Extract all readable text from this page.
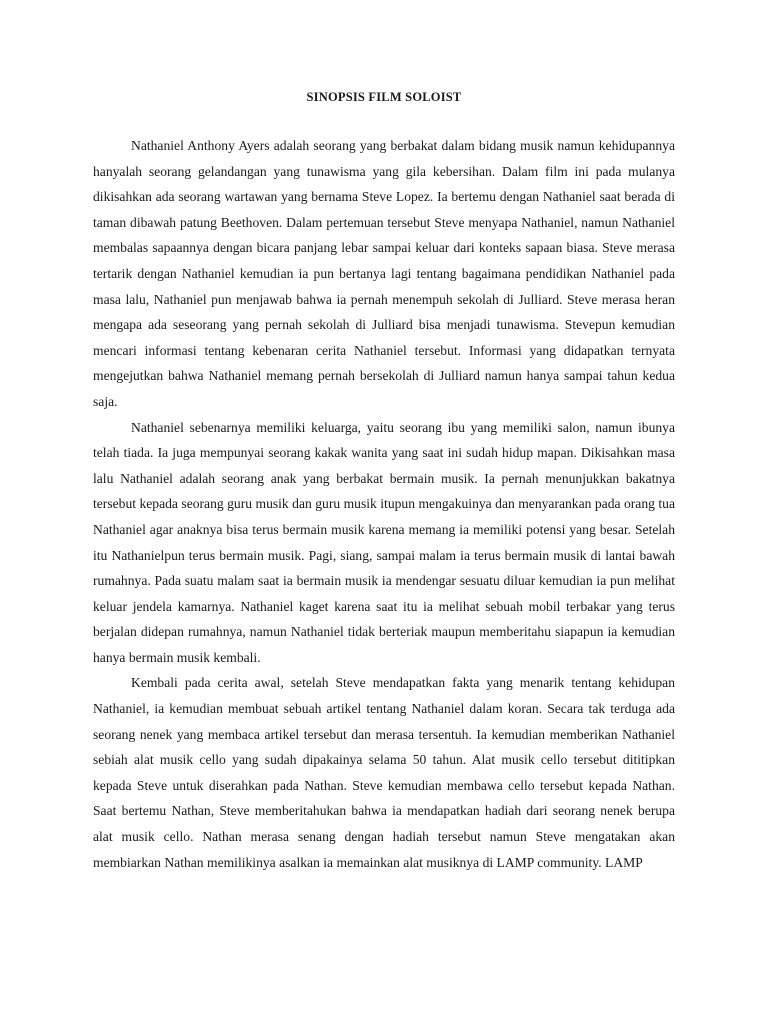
SINOPSIS FILM SOLOIST

Nathaniel Anthony Ayers adalah seorang yang berbakat dalam bidang musik namun kehidupannya hanyalah seorang gelandangan yang tunawisma yang gila kebersihan. Dalam film ini pada mulanya dikisahkan ada seorang wartawan yang bernama Steve Lopez. Ia bertemu dengan Nathaniel saat berada di taman dibawah patung Beethoven. Dalam pertemuan tersebut Steve menyapa Nathaniel, namun Nathaniel membalas sapaannya dengan bicara panjang lebar sampai keluar dari konteks sapaan biasa. Steve merasa tertarik dengan Nathaniel kemudian ia pun bertanya lagi tentang bagaimana pendidikan Nathaniel pada masa lalu, Nathaniel pun menjawab bahwa ia pernah menempuh sekolah di Julliard. Steve merasa heran mengapa ada seseorang yang pernah sekolah di Julliard bisa menjadi tunawisma. Stevepun kemudian mencari informasi tentang kebenaran cerita Nathaniel tersebut. Informasi yang didapatkan ternyata mengejutkan bahwa Nathaniel memang pernah bersekolah di Julliard namun hanya sampai tahun kedua saja.

Nathaniel sebenarnya memiliki keluarga, yaitu seorang ibu yang memiliki salon, namun ibunya telah tiada. Ia juga mempunyai seorang kakak wanita yang saat ini sudah hidup mapan. Dikisahkan masa lalu Nathaniel adalah seorang anak yang berbakat bermain musik. Ia pernah menunjukkan bakatnya tersebut kepada seorang guru musik dan guru musik itupun mengakuinya dan menyarankan pada orang tua Nathaniel agar anaknya bisa terus bermain musik karena memang ia memiliki potensi yang besar. Setelah itu Nathanielpun terus bermain musik. Pagi, siang, sampai malam ia terus bermain musik di lantai bawah rumahnya. Pada suatu malam saat ia bermain musik ia mendengar sesuatu diluar kemudian ia pun melihat keluar jendela kamarnya. Nathaniel kaget karena saat itu ia melihat sebuah mobil terbakar yang terus berjalan didepan rumahnya, namun Nathaniel tidak berteriak maupun memberitahu siapapun ia kemudian hanya bermain musik kembali.

Kembali pada cerita awal, setelah Steve mendapatkan fakta yang menarik tentang kehidupan Nathaniel, ia kemudian membuat sebuah artikel tentang Nathaniel dalam koran. Secara tak terduga ada seorang nenek yang membaca artikel tersebut dan merasa tersentuh. Ia kemudian memberikan Nathaniel sebiah alat musik cello yang sudah dipakainya selama 50 tahun. Alat musik cello tersebut dititipkan kepada Steve untuk diserahkan pada Nathan. Steve kemudian membawa cello tersebut kepada Nathan. Saat bertemu Nathan, Steve memberitahukan bahwa ia mendapatkan hadiah dari seorang nenek berupa alat musik cello. Nathan merasa senang dengan hadiah tersebut namun Steve mengatakan akan membiarkan Nathan memilikinya asalkan ia memainkan alat musiknya di LAMP community. LAMP
